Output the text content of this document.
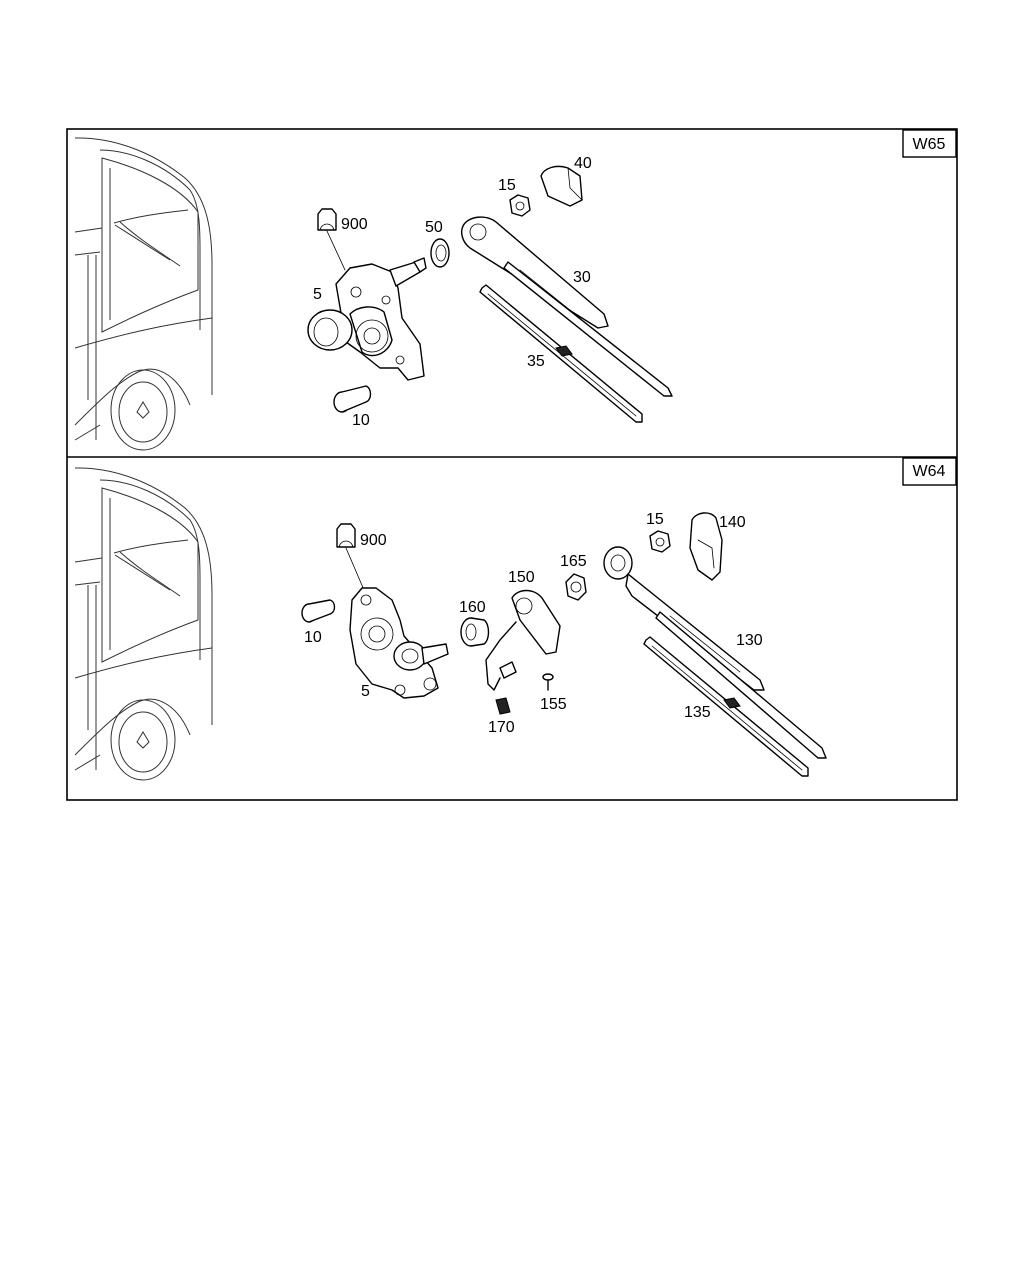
W65
900
5
10
50
15
40
30
35
W64
900
10
5
160
150
170
155
165
15	140
130
135
